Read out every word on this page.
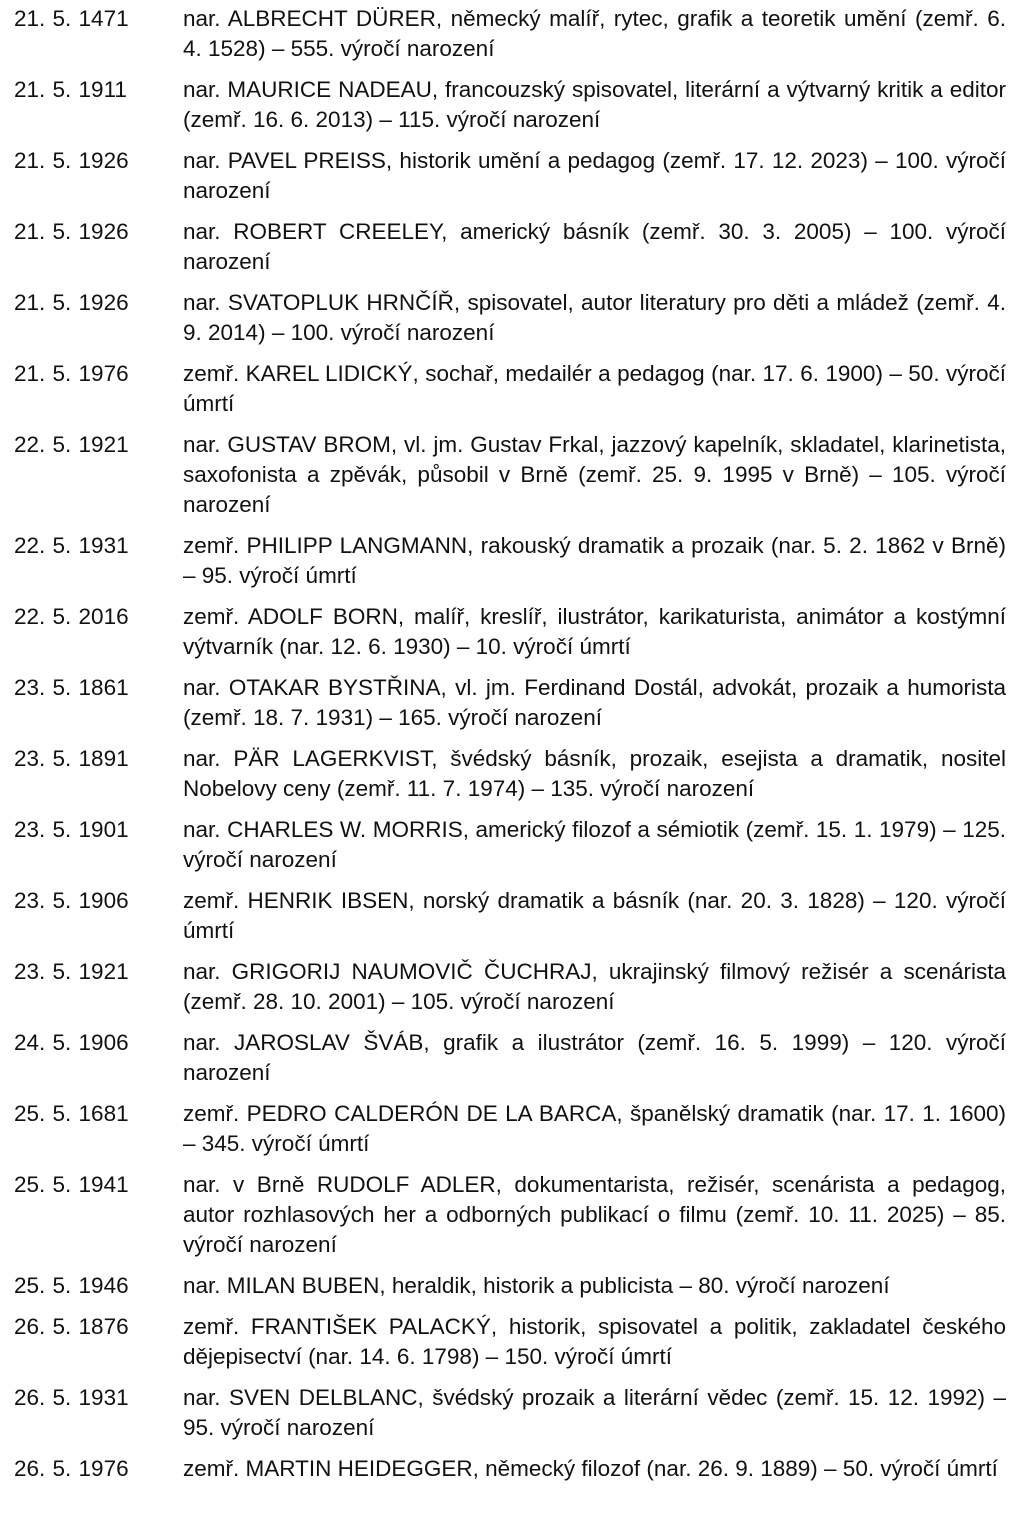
21. 5. 1471	nar. ALBRECHT DÜRER, německý malíř, rytec, grafik a teoretik umění (zemř. 6. 4. 1528) – 555. výročí narození
21. 5. 1911	nar. MAURICE NADEAU, francouzský spisovatel, literární a výtvarný kritik a editor (zemř. 16. 6. 2013) – 115. výročí narození
21. 5. 1926	nar. PAVEL PREISS, historik umění a pedagog (zemř. 17. 12. 2023) – 100. výročí narození
21. 5. 1926	nar. ROBERT CREELEY, americký básník (zemř. 30. 3. 2005) – 100. výročí narození
21. 5. 1926	nar. SVATOPLUK HRNČÍŘ, spisovatel, autor literatury pro děti a mládež (zemř. 4. 9. 2014) – 100. výročí narození
21. 5. 1976	zemř. KAREL LIDICKÝ, sochař, medailér a pedagog (nar. 17. 6. 1900) – 50. výročí úmrtí
22. 5. 1921	nar. GUSTAV BROM, vl. jm. Gustav Frkal, jazzový kapelník, skladatel, klarinetista, saxofonista a zpěvák, působil v Brně (zemř. 25. 9. 1995 v Brně) – 105. výročí narození
22. 5. 1931	zemř. PHILIPP LANGMANN, rakouský dramatik a prozaik (nar. 5. 2. 1862 v Brně) – 95. výročí úmrtí
22. 5. 2016	zemř. ADOLF BORN, malíř, kreslíř, ilustrátor, karikaturista, animátor a kostýmní výtvarník (nar. 12. 6. 1930) – 10. výročí úmrtí
23. 5. 1861	nar. OTAKAR BYSTŘINA, vl. jm. Ferdinand Dostál, advokát, prozaik a humorista (zemř. 18. 7. 1931) – 165. výročí narození
23. 5. 1891	nar. PÄR LAGERKVIST, švédský básník, prozaik, esejista a dramatik, nositel Nobelovy ceny (zemř. 11. 7. 1974) – 135. výročí narození
23. 5. 1901	nar. CHARLES W. MORRIS, americký filozof a sémiotik (zemř. 15. 1. 1979) – 125. výročí narození
23. 5. 1906	zemř. HENRIK IBSEN, norský dramatik a básník (nar. 20. 3. 1828) – 120. výročí úmrtí
23. 5. 1921	nar. GRIGORIJ NAUMOVIČ ČUCHRAJ, ukrajinský filmový režisér a scenárista (zemř. 28. 10. 2001) – 105. výročí narození
24. 5. 1906	nar. JAROSLAV ŠVÁB, grafik a ilustrátor (zemř. 16. 5. 1999) – 120. výročí narození
25. 5. 1681	zemř. PEDRO CALDERÓN DE LA BARCA, španělský dramatik (nar. 17. 1. 1600) – 345. výročí úmrtí
25. 5. 1941	nar. v Brně RUDOLF ADLER, dokumentarista, režisér, scenárista a pedagog, autor rozhlasových her a odborných publikací o filmu (zemř. 10. 11. 2025) – 85. výročí narození
25. 5. 1946	nar. MILAN BUBEN, heraldik, historik a publicista – 80. výročí narození
26. 5. 1876	zemř. FRANTIŠEK PALACKÝ, historik, spisovatel a politik, zakladatel českého dějepisectví (nar. 14. 6. 1798) – 150. výročí úmrtí
26. 5. 1931	nar. SVEN DELBLANC, švédský prozaik a literární vědec (zemř. 15. 12. 1992) – 95. výročí narození
26. 5. 1976	zemř. MARTIN HEIDEGGER, německý filozof (nar. 26. 9. 1889) – 50. výročí úmrtí
